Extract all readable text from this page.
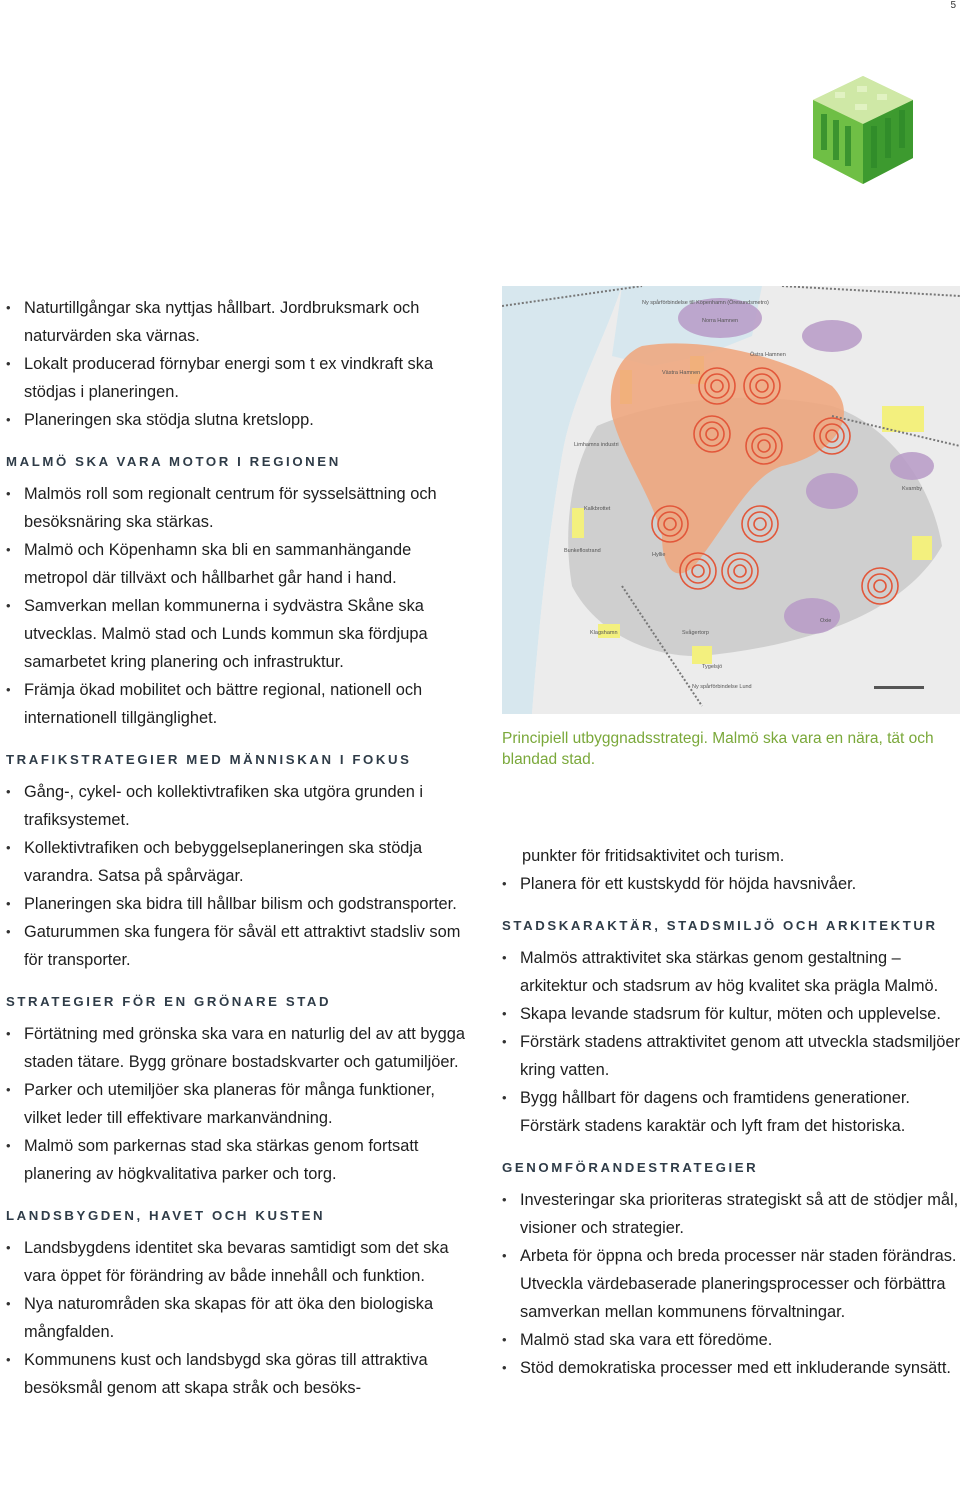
5
• Naturtillgångar ska nyttjas hållbart. Jordbruksmark och naturvärden ska värnas.
• Lokalt producerad förnybar energi som t ex vindkraft ska stödjas i planeringen.
• Planeringen ska stödja slutna kretslopp.
MALMÖ SKA VARA MOTOR I REGIONEN
• Malmös roll som regionalt centrum för sysselsättning och besöksnäring ska stärkas.
• Malmö och Köpenhamn ska bli en sammanhängande metropol där tillväxt och hållbarhet går hand i hand.
• Samverkan mellan kommunerna i sydvästra Skåne ska utvecklas. Malmö stad och Lunds kommun ska fördjupa samarbetet kring planering och infrastruktur.
• Främja ökad mobilitet och bättre regional, nationell och internationell tillgänglighet.
TRAFIKSTRATEGIER MED MÄNNISKAN I FOKUS
• Gång-, cykel- och kollektivtrafiken ska utgöra grunden i trafiksystemet.
• Kollektivtrafiken och bebyggelseplaneringen ska stödja varandra. Satsa på spårvägar.
• Planeringen ska bidra till hållbar bilism och godstransporter.
• Gaturummen ska fungera för såväl ett attraktivt stadsliv som för transporter.
STRATEGIER FÖR EN GRÖNARE STAD
• Förtätning med grönska ska vara en naturlig del av att bygga staden tätare. Bygg grönare bostadskvarter och gatumiljöer.
• Parker och utemiljöer ska planeras för många funktioner, vilket leder till effektivare markanvändning.
• Malmö som parkernas stad ska stärkas genom fortsatt planering av högkvalitativa parker och torg.
LANDSBYGDEN, HAVET OCH KUSTEN
• Landsbygdens identitet ska bevaras samtidigt som det ska vara öppet för förändring av både innehåll och funktion.
• Nya naturområden ska skapas för att öka den biologiska mångfalden.
• Kommunens kust och landsbygd ska göras till attraktiva besöksmål genom att skapa stråk och besöks-
Ny spårförbindelse till Köpenhamn (Öresundsmetro)
Norra Hamnen
Västra Hamnen
Östra Hamnen
Kvarnby
Limhamns industri
Kalkbrottet
Bunkeflostrand
Klagshamn
Hyllie
Tygelsjö
Oxie
Svågertorp
Ny spårförbindelse Lund
Principiell utbyggnadsstrategi. Malmö ska vara en nära, tät och blandad stad.
punkter för fritidsaktivitet och turism.
• Planera för ett kustskydd för höjda havsnivåer.
STADSKARAKTÄR, STADSMILJÖ OCH ARKITEKTUR
• Malmös attraktivitet ska stärkas genom gestaltning – arkitektur och stadsrum av hög kvalitet ska prägla Malmö.
• Skapa levande stadsrum för kultur, möten och upplevelse.
• Förstärk stadens attraktivitet genom att utveckla stadsmiljöer kring vatten.
• Bygg hållbart för dagens och framtidens generationer. Förstärk stadens karaktär och lyft fram det historiska.
GENOMFÖRANDESTRATEGIER
• Investeringar ska prioriteras strategiskt så att de stödjer mål, visioner och strategier.
• Arbeta för öppna och breda processer när staden förändras. Utveckla värdebaserade planeringsprocesser och förbättra samverkan mellan kommunens förvaltningar.
• Malmö stad ska vara ett föredöme.
• Stöd demokratiska processer med ett inkluderande synsätt.
